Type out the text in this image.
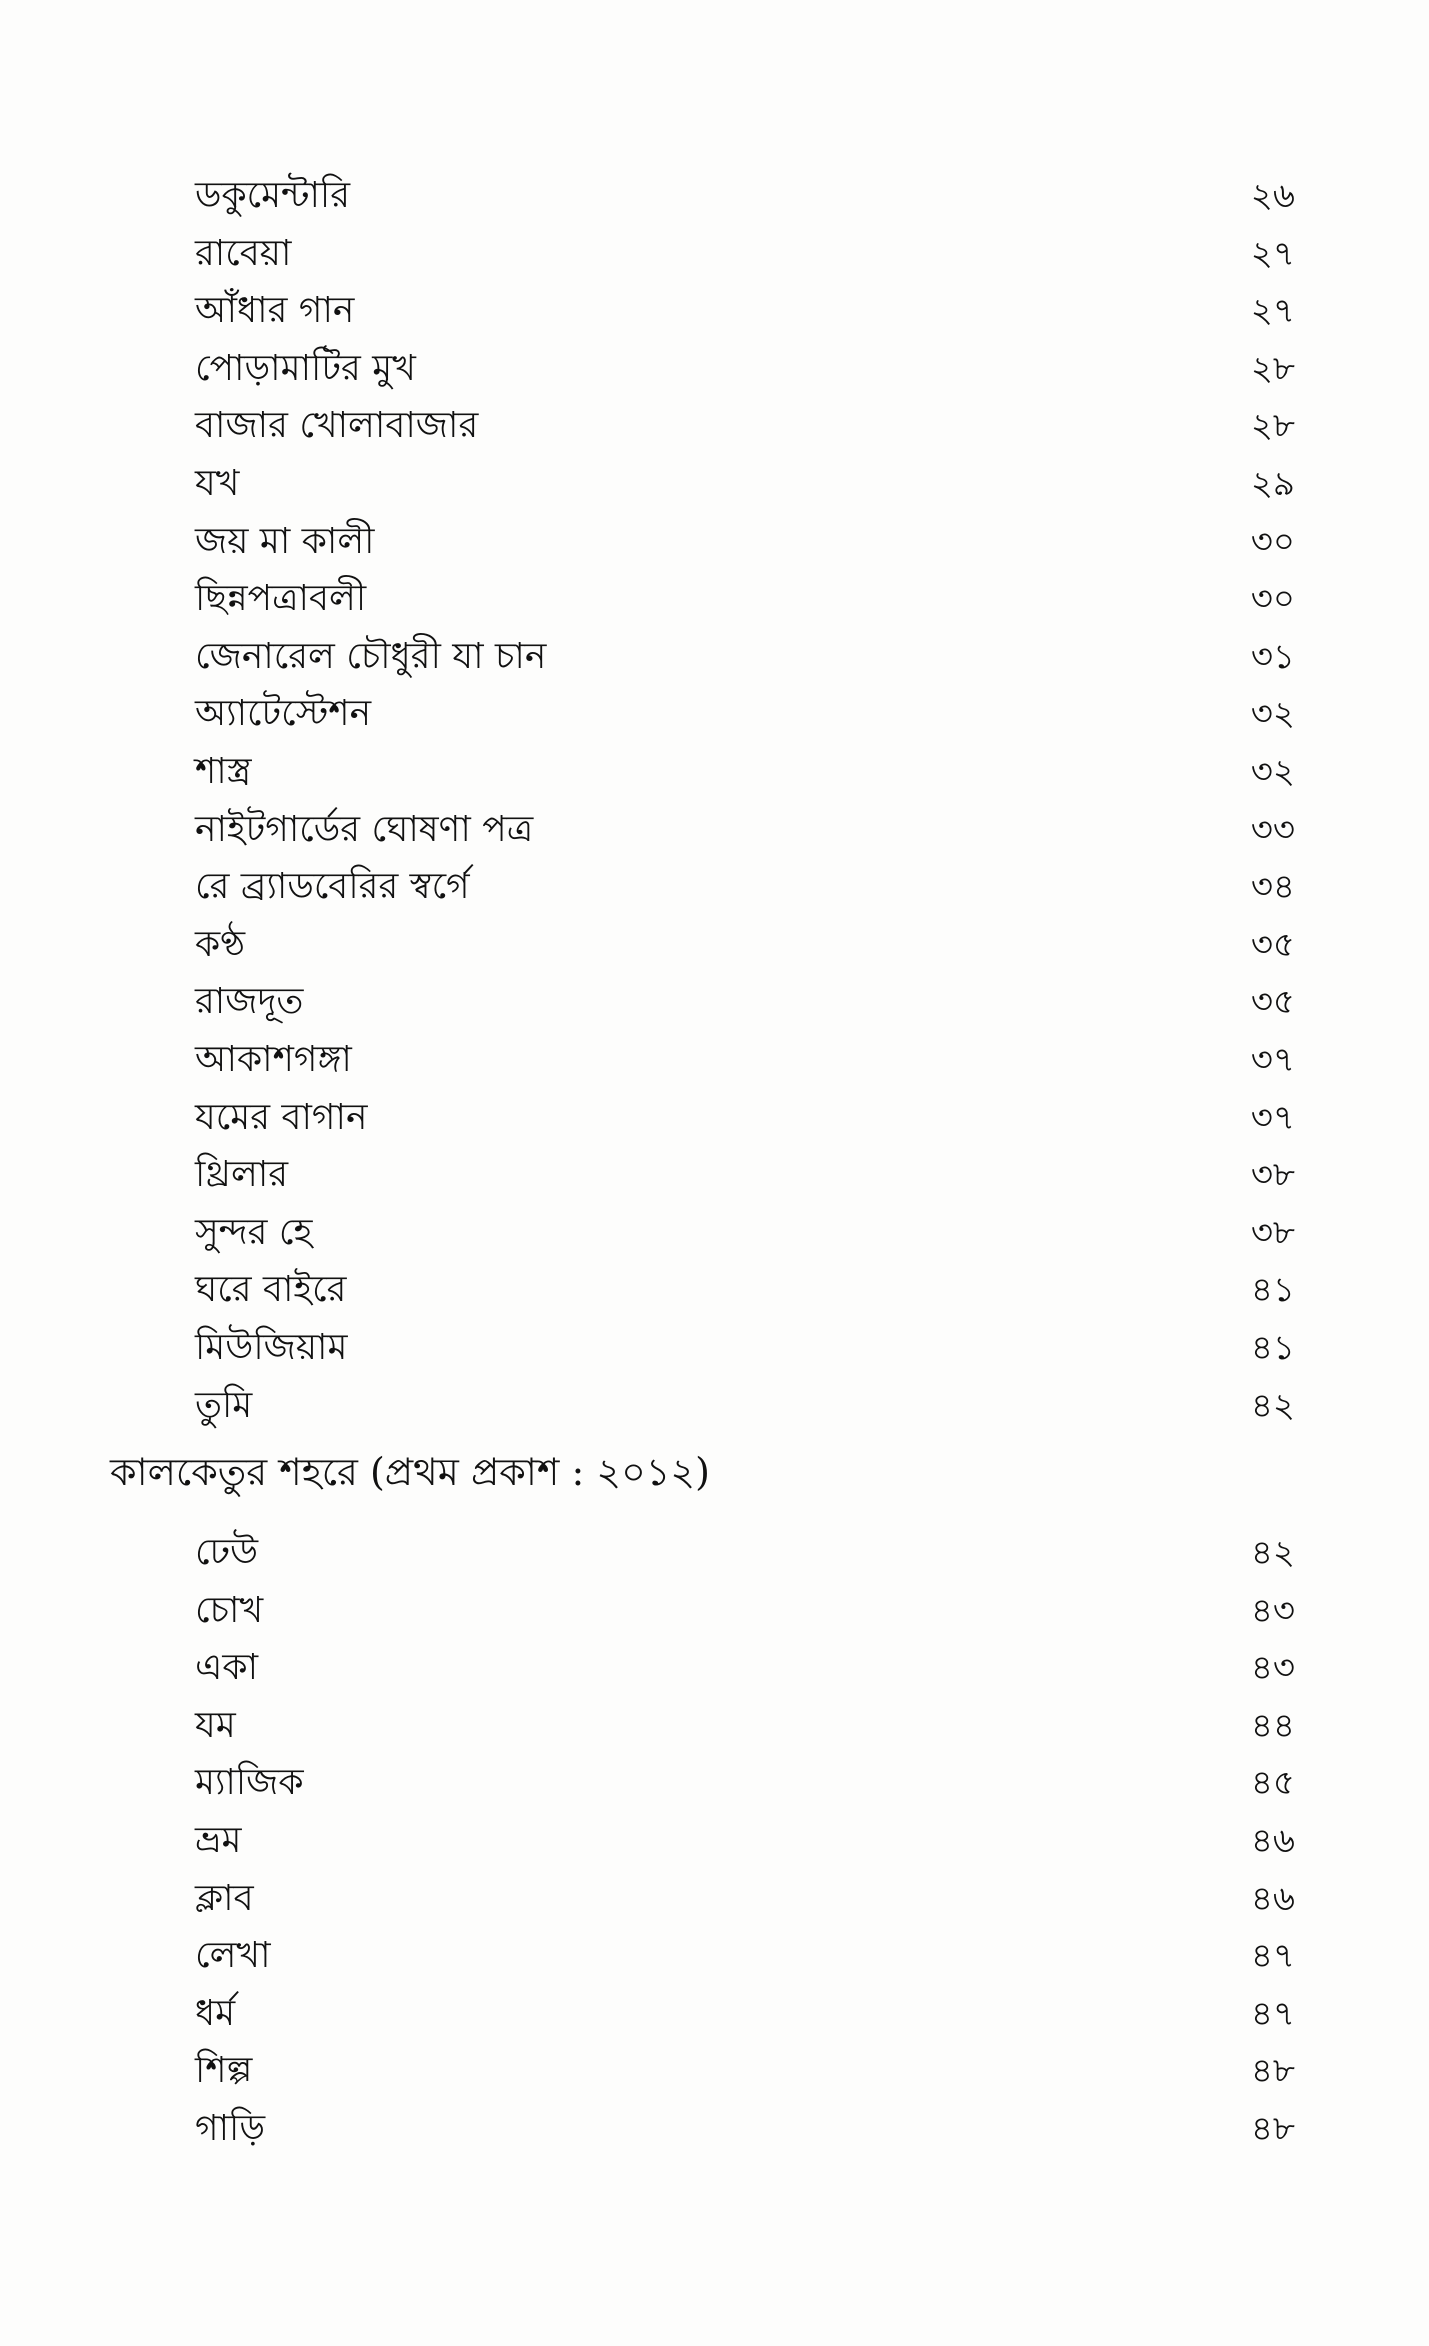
ডকুমেন্টারি	২৬
রাবেয়া	২৭
আঁধার গান	২৭
পোড়ামাটির মুখ	২৮
বাজার খোলাবাজার	২৮
যখ	২৯
জয় মা কালী	৩০
ছিন্নপত্রাবলী	৩০
জেনারেল চৌধুরী যা চান	৩১
অ্যাটেস্টেশন	৩২
শাস্ত্র	৩২
নাইটগার্ডের ঘোষণা পত্র	৩৩
রে ব্র্যাডবেরির স্বর্গে	৩৪
কণ্ঠ	৩৫
রাজদূত	৩৫
আকাশগঙ্গা	৩৭
যমের বাগান	৩৭
থ্রিলার	৩৮
সুন্দর হে	৩৮
ঘরে বাইরে	৪১
মিউজিয়াম	৪১
তুমি	৪২
কালকেতুর শহরে (প্রথম প্রকাশ : ২০১২)
ঢেউ	৪২
চোখ	৪৩
একা	৪৩
যম	৪৪
ম্যাজিক	৪৫
ভ্রম	৪৬
ক্লাব	৪৬
লেখা	৪৭
ধর্ম	৪৭
শিল্প	৪৮
গাড়ি	৪৮
